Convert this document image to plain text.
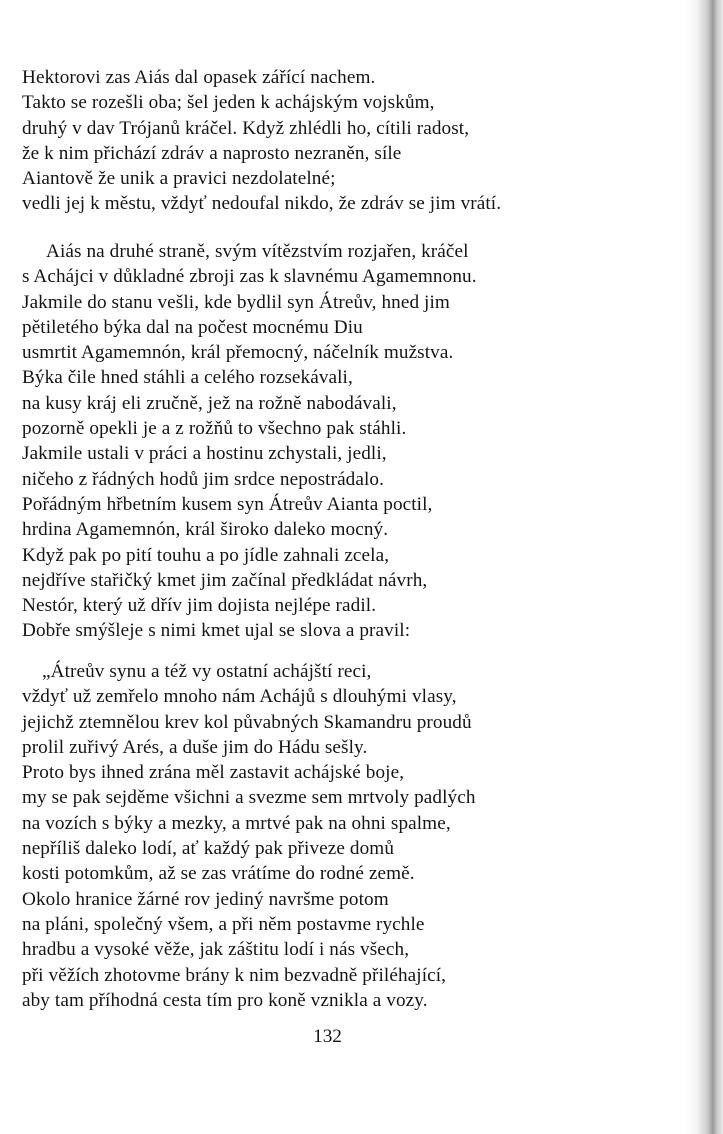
Hektorovi zas Aiás dal opasek zářící nachem.
Takto se rozešli oba; šel jeden k achájským vojskům,
druhý v dav Trójanů kráčel. Když zhlédli ho, cítili radost,
že k nim přichází zdráv a naprosto nezraněn, síle
Aiantově že unik a pravici nezdolatelné;
vedli jej k městu, vždyť nedoufal nikdo, že zdráv se jim vrátí.
Aiás na druhé straně, svým vítězstvím rozjařen, kráčel
s Achájci v důkladné zbroji zas k slavnému Agamemnonu.
Jakmile do stanu vešli, kde bydlil syn Átreův, hned jim
pětiletého býka dal na počest mocnému Diu
usmrtit Agamemnón, král přemocný, náčelník mužstva.
Býka čile hned stáhli a celého rozsekávali,
na kusy kráj eli zručně, jež na rožně nabodávali,
pozorně opekli je a z rožňů to všechno pak stáhli.
Jakmile ustali v práci a hostinu zchystali, jedli,
ničeho z řádných hodů jim srdce nepostrádalo.
Pořádným hřbetním kusem syn Átreův Aianta poctil,
hrdina Agamemnón, král široko daleko mocný.
Když pak po pití touhu a po jídle zahnali zcela,
nejdříve stařičký kmet jim začínal předkládat návrh,
Nestór, který už dřív jim dojista nejlépe radil.
Dobře smýšleje s nimi kmet ujal se slova a pravil:
„Átreův synu a též vy ostatní achájští reci,
vždyť už zemřelo mnoho nám Achájů s dlouhými vlasy,
jejichž ztemnělou krev kol půvabných Skamandru proudů
prolil zuřivý Arés, a duše jim do Hádu sešly.
Proto bys ihned zrána měl zastavit achájské boje,
my se pak sejděme všichni a svezme sem mrtvoly padlých
na vozích s býky a mezky, a mrtvé pak na ohni spalme,
nepříliš daleko lodí, ať každý pak přiveze domů
kosti potomkům, až se zas vrátíme do rodné země.
Okolo hranice žárné rov jediný navršme potom
na pláni, společný všem, a při něm postavme rychle
hradbu a vysoké věže, jak záštitu lodí i nás všech,
při věžích zhotovme brány k nim bezvadně přiléhající,
aby tam příhodná cesta tím pro koně vznikla a vozy.
132
